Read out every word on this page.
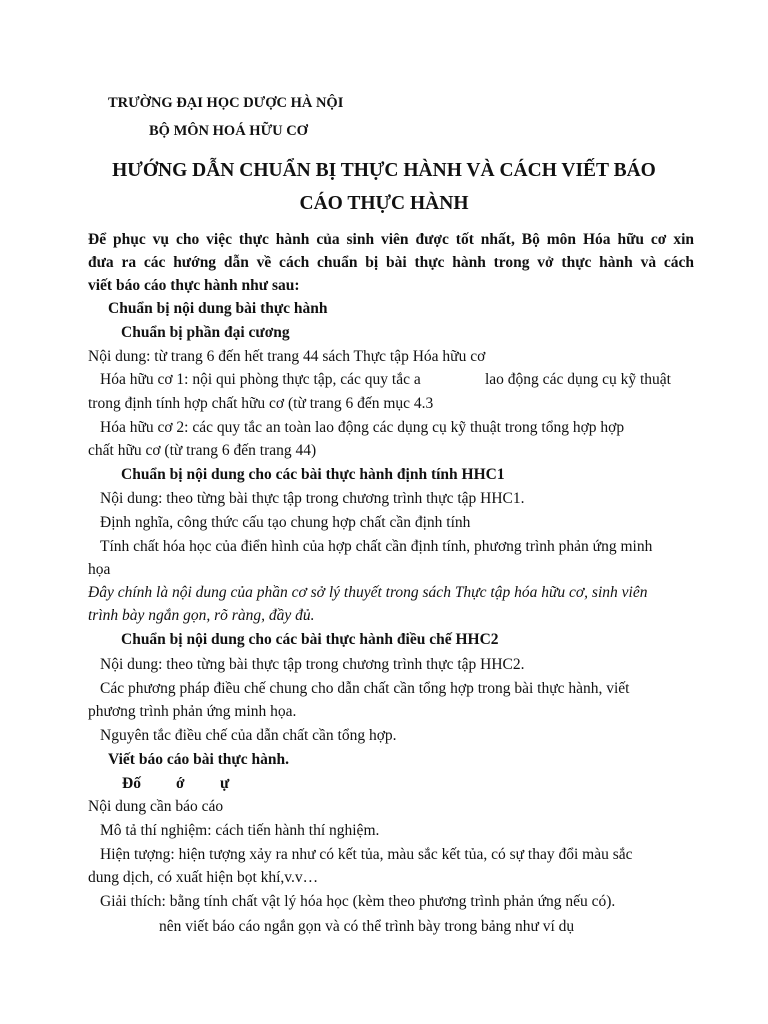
TRƯỜNG ĐẠI HỌC DƯỢC HÀ NỘI
BỘ MÔN HOÁ HỮU CƠ
HƯỚNG DẪN CHUẨN BỊ THỰC HÀNH VÀ CÁCH VIẾT BÁO
CÁO THỰC HÀNH
Để phục vụ cho việc thực hành của sinh viên được tốt nhất, Bộ môn Hóa hữu cơ xin
đưa ra các hướng dẫn về cách chuẩn bị bài thực hành trong vở thực hành và cách
viết báo cáo thực hành như sau:
Chuẩn bị nội dung bài thực hành
Chuẩn bị phần đại cương
Nội dung: từ trang 6 đến hết trang 44 sách Thực tập Hóa hữu cơ
Hóa hữu cơ 1: nội qui phòng thực tập, các quy tắc a	lao động các dụng cụ kỹ thuật
trong định tính hợp chất hữu cơ (từ trang 6 đến mục 4.3
Hóa hữu cơ 2: các quy tắc an toàn lao động các dụng cụ kỹ thuật trong tổng hợp hợp
chất hữu cơ (từ trang 6 đến trang 44)
Chuẩn bị nội dung cho các bài thực hành định tính HHC1
Nội dung: theo từng bài thực tập trong chương trình thực tập HHC1.
Định nghĩa, công thức cấu tạo chung hợp chất cần định tính
Tính chất hóa học của điển hình của hợp chất cần định tính, phương trình phản ứng minh
họa
Đây chính là nội dung của phần cơ sở lý thuyết trong sách Thực tập hóa hữu cơ, sinh viên
trình bày ngắn gọn, rõ ràng, đầy đủ.
Chuẩn bị nội dung cho các bài thực hành điều chế HHC2
Nội dung: theo từng bài thực tập trong chương trình thực tập HHC2.
Các phương pháp điều chế chung cho dẫn chất cần tổng hợp trong bài thực hành, viết
phương trình phản ứng minh họa.
Nguyên tắc điều chế của dẫn chất cần tổng hợp.
Viết báo cáo bài thực hành.
Đố ớ ự
Nội dung cần báo cáo
Mô tả thí nghiệm: cách tiến hành thí nghiệm.
Hiện tượng: hiện tượng xảy ra như có kết tủa, màu sắc kết tủa, có sự thay đổi màu sắc
dung dịch, có xuất hiện bọt khí,v.v…
Giải thích: bằng tính chất vật lý hóa học (kèm theo phương trình phản ứng nếu có).
nên viết báo cáo ngắn gọn và có thể trình bày trong bảng như ví dụ
